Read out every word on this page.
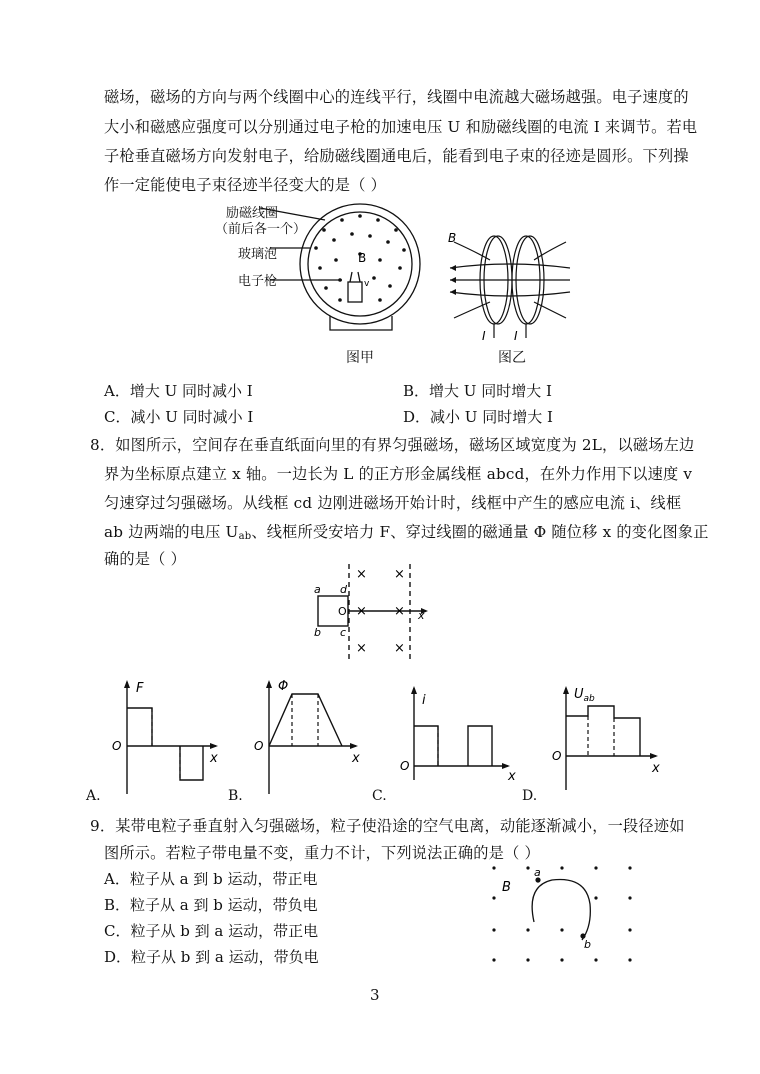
磁场，磁场的方向与两个线圈中心的连线平行，线圈中电流越大磁场越强。电子速度的
大小和磁感应强度可以分别通过电子枪的加速电压 U 和励磁线圈的电流 I 来调节。若电
子枪垂直磁场方向发射电子，给励磁线圈通电后，能看到电子束的径迹是圆形。下列操
作一定能使电子束径迹半径变大的是（ ）
励磁线圈
（前后各一个）
玻璃泡
电子枪
B
v
图甲
B
I I
图乙
A．增大 U 同时减小 I	B．增大 U 同时增大 I
C．减小 U 同时减小 I	D．减小 U 同时增大 I
8．如图所示，空间存在垂直纸面向里的有界匀强磁场，磁场区域宽度为 2L，以磁场左边
界为坐标原点建立 x 轴。一边长为 L 的正方形金属线框 abcd，在外力作用下以速度 v
匀速穿过匀强磁场。从线框 cd 边刚进磁场开始计时，线框中产生的感应电流 i、线框
ab 边两端的电压 $U_{ab}$、线框所受安培力 F、穿过线圈的磁通量 Φ 随位移 x 的变化图象正
确的是（ ）
a
b c
d
O	x
× ×
× ×
× ×
F
x
O
A.
Φ
x
O
B.
i
x
O
C.
$U_{ab}$
x
O
D.
9．某带电粒子垂直射入匀强磁场，粒子使沿途的空气电离，动能逐渐减小，一段径迹如
图所示。若粒子带电量不变，重力不计，下列说法正确的是（ ）
A．粒子从 a 到 b 运动，带正电
B．粒子从 a 到 b 运动，带负电
C．粒子从 b 到 a 运动，带正电
D．粒子从 b 到 a 运动，带负电
B
a
b
3
